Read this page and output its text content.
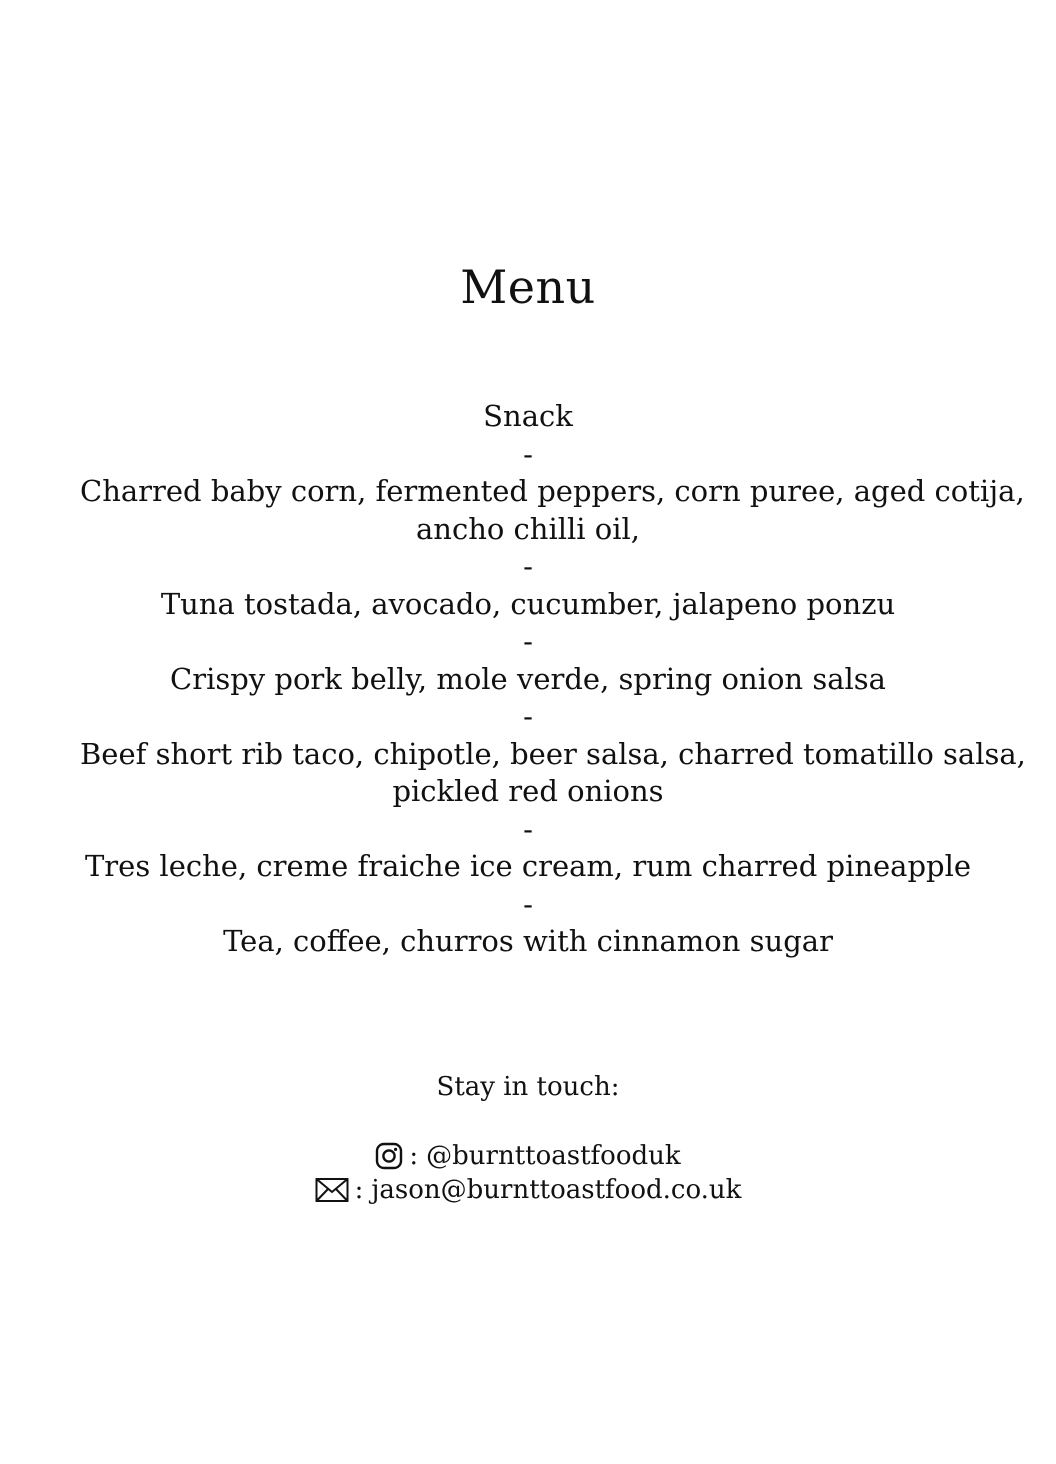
Menu
Snack
-
Charred baby corn, fermented peppers, corn puree, aged cotija,
ancho chilli oil,
-
Tuna tostada, avocado, cucumber, jalapeno ponzu
-
Crispy pork belly, mole verde, spring onion salsa
-
Beef short rib taco, chipotle, beer salsa, charred tomatillo salsa,
pickled red onions
-
Tres leche, creme fraiche ice cream, rum charred pineapple
-
Tea, coffee, churros with cinnamon sugar
Stay in touch:
: @burnttoastfooduk
: jason@burnttoastfood.co.uk
